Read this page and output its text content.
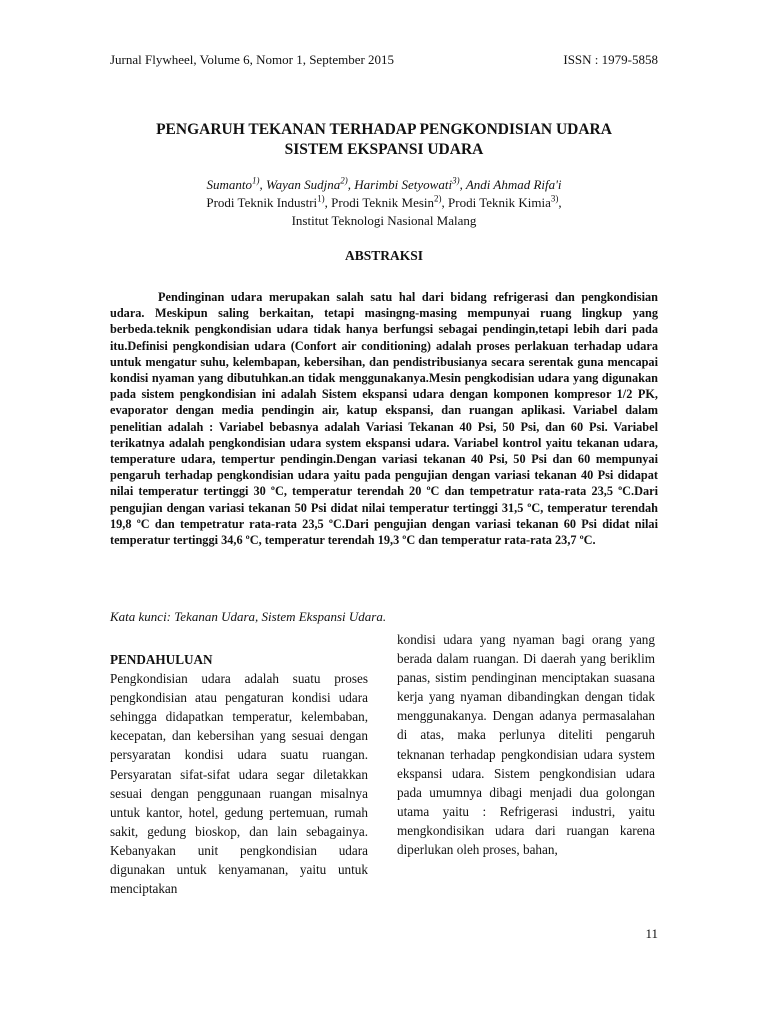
Jurnal Flywheel, Volume 6, Nomor 1, September 2015	ISSN : 1979-5858
PENGARUH TEKANAN TERHADAP PENGKONDISIAN UDARA
SISTEM EKSPANSI UDARA
Sumanto$^{1)}$, Wayan Sudjna$^{2)}$, Harimbi Setyowati$^{3)}$, Andi Ahmad Rifa'i
Prodi Teknik Industri$^{1)}$, Prodi Teknik Mesin$^{2)}$, Prodi Teknik Kimia$^{3)}$,
Institut Teknologi Nasional Malang
ABSTRAKSI

Pendinginan udara merupakan salah satu hal dari bidang refrigerasi dan pengkondisian udara. Meskipun saling berkaitan, tetapi masingng-masing mempunyai ruang lingkup yang berbeda.teknik pengkondisian udara tidak hanya berfungsi sebagai pendingin,tetapi lebih dari pada itu.Definisi pengkondisian udara (Confort air conditioning) adalah proses perlakuan terhadap udara untuk mengatur suhu, kelembapan, kebersihan, dan pendistribusianya secara serentak guna mencapai kondisi nyaman yang dibutuhkan.an tidak menggunakanya.Mesin pengkodisian udara yang digunakan pada sistem pengkondisian ini adalah Sistem ekspansi udara dengan komponen kompresor 1/2 PK, evaporator dengan media pendingin air, katup ekspansi, dan ruangan aplikasi. Variabel dalam penelitian adalah : Variabel bebasnya adalah Variasi Tekanan 40 Psi, 50 Psi, dan 60 Psi. Variabel terikatnya adalah pengkondisian udara system ekspansi udara. Variabel kontrol yaitu tekanan udara, temperature udara, tempertur pendingin.Dengan variasi tekanan 40 Psi, 50 Psi dan 60 mempunyai pengaruh terhadap pengkondisian udara yaitu pada pengujian dengan variasi tekanan 40 Psi didapat nilai temperatur tertinggi 30 ºC, temperatur terendah 20 ºC dan tempetratur rata-rata 23,5 ºC.Dari pengujian dengan variasi tekanan 50 Psi didat nilai temperatur tertinggi 31,5 ºC, temperatur terendah 19,8 ºC dan tempetratur rata-rata 23,5 ºC.Dari pengujian dengan variasi tekanan 60 Psi didat nilai temperatur tertinggi 34,6 ºC, temperatur terendah 19,3 ºC dan temperatur rata-rata 23,7 ºC.

Kata kunci: Tekanan Udara, Sistem Ekspansi Udara.

PENDAHULUAN

Pengkondisian udara adalah suatu proses pengkondisian atau pengaturan kondisi udara sehingga didapatkan temperatur, kelembaban, kecepatan, dan kebersihan yang sesuai dengan persyaratan kondisi udara suatu ruangan. Persyaratan sifat-sifat udara segar diletakkan sesuai dengan penggunaan ruangan misalnya untuk kantor, hotel, gedung pertemuan, rumah sakit, gedung bioskop, dan lain sebagainya. Kebanyakan unit pengkondisian udara digunakan untuk kenyamanan, yaitu untuk menciptakan

kondisi udara yang nyaman bagi orang yang berada dalam ruangan. Di daerah yang beriklim panas, sistim pendinginan menciptakan suasana kerja yang nyaman dibandingkan dengan tidak menggunakanya. Dengan adanya permasalahan di atas, maka perlunya diteliti pengaruh teknanan terhadap pengkondisian udara system ekspansi udara. Sistem pengkondisian udara pada umumnya dibagi menjadi dua golongan utama yaitu : Refrigerasi industri, yaitu mengkondisikan udara dari ruangan karena diperlukan oleh proses, bahan,

11
